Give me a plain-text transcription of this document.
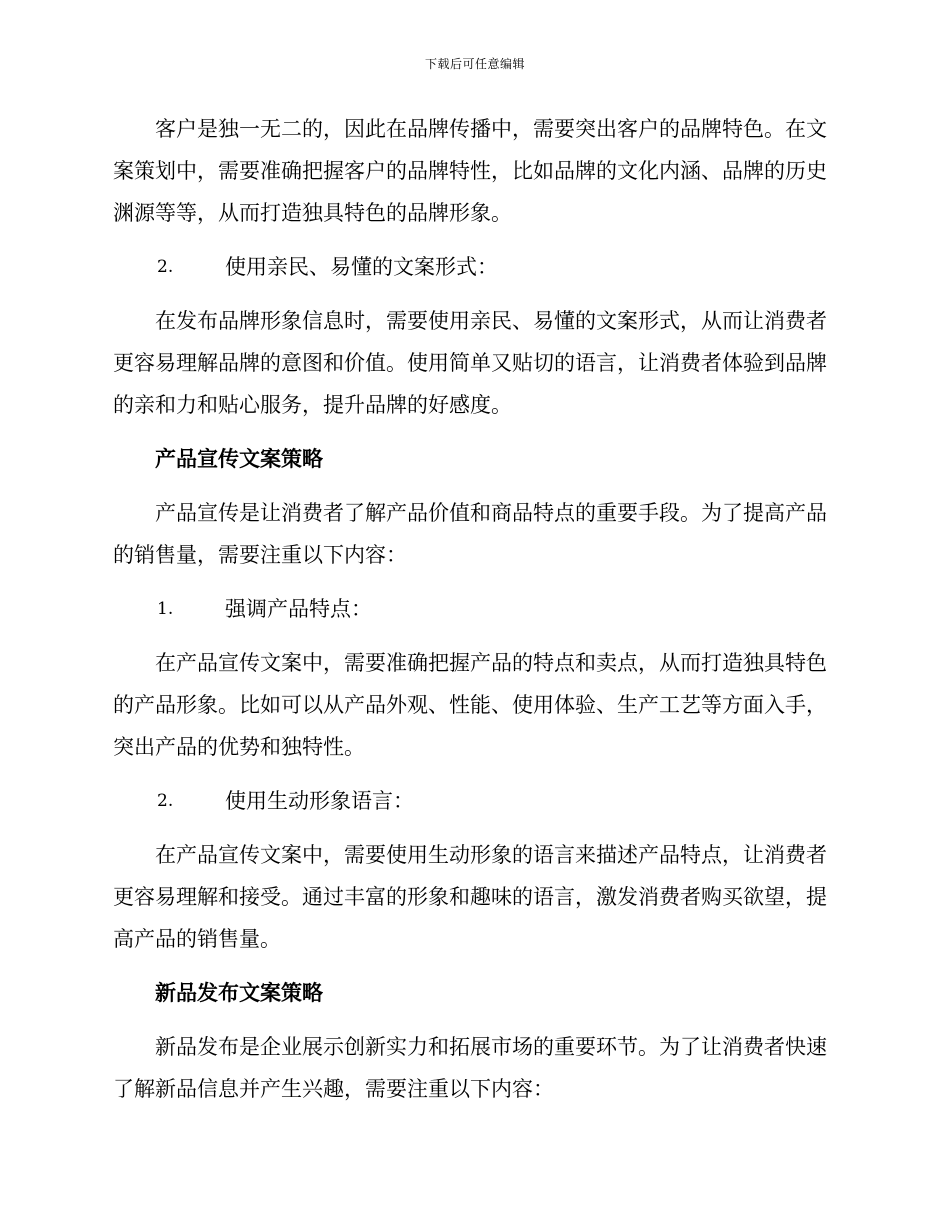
下载后可任意编辑

客户是独一无二的，因此在品牌传播中，需要突出客户的品牌特色。在文案策划中，需要准确把握客户的品牌特性，比如品牌的文化内涵、品牌的历史渊源等等，从而打造独具特色的品牌形象。

2.	使用亲民、易懂的文案形式：

在发布品牌形象信息时，需要使用亲民、易懂的文案形式，从而让消费者更容易理解品牌的意图和价值。使用简单又贴切的语言，让消费者体验到品牌的亲和力和贴心服务，提升品牌的好感度。

产品宣传文案策略

产品宣传是让消费者了解产品价值和商品特点的重要手段。为了提高产品的销售量，需要注重以下内容：

1.	强调产品特点：

在产品宣传文案中，需要准确把握产品的特点和卖点，从而打造独具特色的产品形象。比如可以从产品外观、性能、使用体验、生产工艺等方面入手，突出产品的优势和独特性。

2.	使用生动形象语言：

在产品宣传文案中，需要使用生动形象的语言来描述产品特点，让消费者更容易理解和接受。通过丰富的形象和趣味的语言，激发消费者购买欲望，提高产品的销售量。

新品发布文案策略

新品发布是企业展示创新实力和拓展市场的重要环节。为了让消费者快速了解新品信息并产生兴趣，需要注重以下内容：
